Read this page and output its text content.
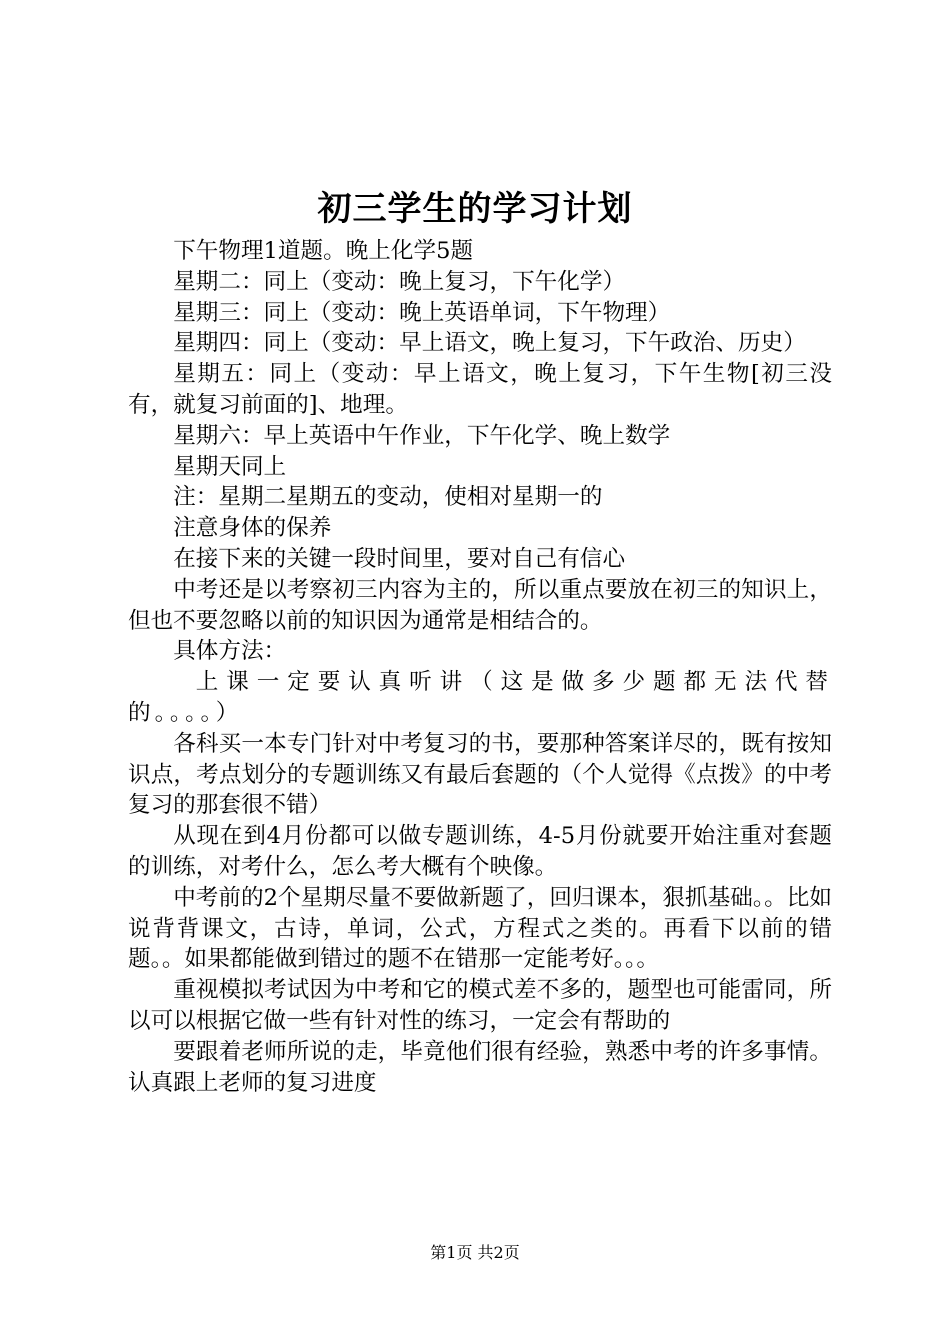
初三学生的学习计划

下午物理1道题。晚上化学5题

星期二：同上（变动：晚上复习，下午化学）

星期三：同上（变动：晚上英语单词，下午物理）

星期四：同上（变动：早上语文，晚上复习，下午政治、历史）

星期五：同上（变动：早上语文，晚上复习，下午生物[初三没有，就复习前面的]、地理。

星期六：早上英语中午作业，下午化学、晚上数学

星期天同上

注：星期二星期五的变动，使相对星期一的

注意身体的保养

在接下来的关键一段时间里，要对自己有信心

中考还是以考察初三内容为主的，所以重点要放在初三的知识上，但也不要忽略以前的知识因为通常是相结合的。

具体方法：

上课一定要认真听讲（这是做多少题都无法代替的。。。。）

各科买一本专门针对中考复习的书，要那种答案详尽的，既有按知识点，考点划分的专题训练又有最后套题的（个人觉得《点拨》的中考复习的那套很不错）

从现在到4月份都可以做专题训练，4-5月份就要开始注重对套题的训练，对考什么，怎么考大概有个映像。

中考前的2个星期尽量不要做新题了，回归课本，狠抓基础。。比如说背背课文，古诗，单词，公式，方程式之类的。再看下以前的错题。。如果都能做到错过的题不在错那一定能考好。。。

重视模拟考试因为中考和它的模式差不多的，题型也可能雷同，所以可以根据它做一些有针对性的练习，一定会有帮助的

要跟着老师所说的走，毕竟他们很有经验，熟悉中考的许多事情。认真跟上老师的复习进度

第1页 共2页
